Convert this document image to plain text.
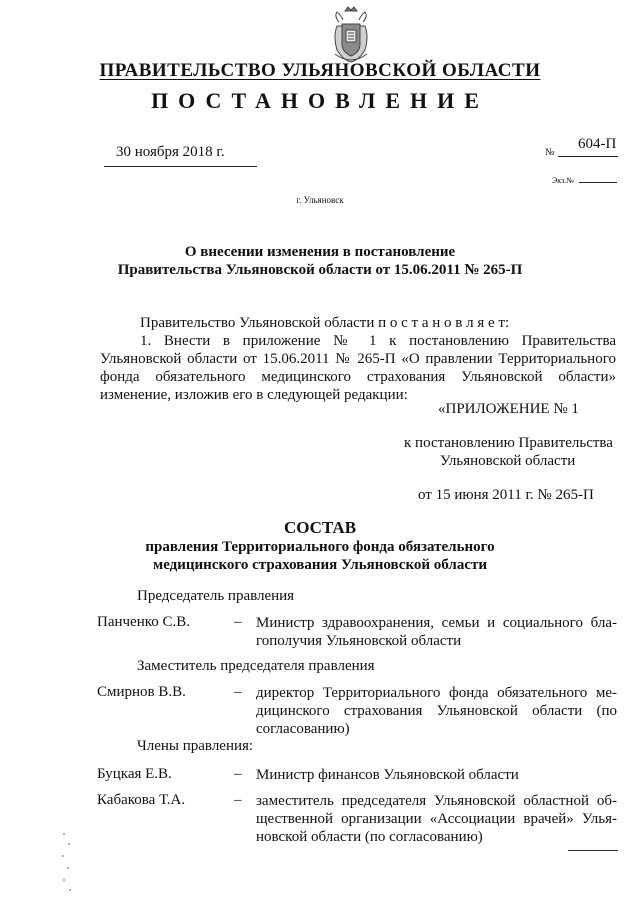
ПРАВИТЕЛЬСТВО УЛЬЯНОВСКОЙ ОБЛАСТИ
ПОСТАНОВЛЕНИЕ
30 ноября 2018 г.	№
604-П
Экз.№
г. Ульяновск
О внесении изменения в постановление
Правительства Ульяновской области от 15.06.2011 № 265-П
Правительство Ульяновской области п о с т а н о в л я е т:
1. Внести в приложение № 1 к постановлению Правительства Ульяновской области от 15.06.2011 № 265-П «О правлении Территориального фонда обязательного медицинского страхования Ульяновской области» изменение, изложив его в следующей редакции:
«ПРИЛОЖЕНИЕ № 1
к постановлению Правительства
Ульяновской области
от 15 июня 2011 г. № 265-П
СОСТАВ
правления Территориального фонда обязательного
медицинского страхования Ульяновской области
Председатель правления
Панченко С.В.	– Министр здравоохранения, семьи и социального бла-гополучия Ульяновской области
Заместитель председателя правления
Смирнов В.В.	– директор Территориального фонда обязательного ме-дицинского страхования Ульяновской области (по согласованию)
Члены правления:
Буцкая Е.В.	– Министр финансов Ульяновской области
Кабакова Т.А.	– заместитель председателя Ульяновской областной об-щественной организации «Ассоциации врачей» Улья-новской области (по согласованию)
